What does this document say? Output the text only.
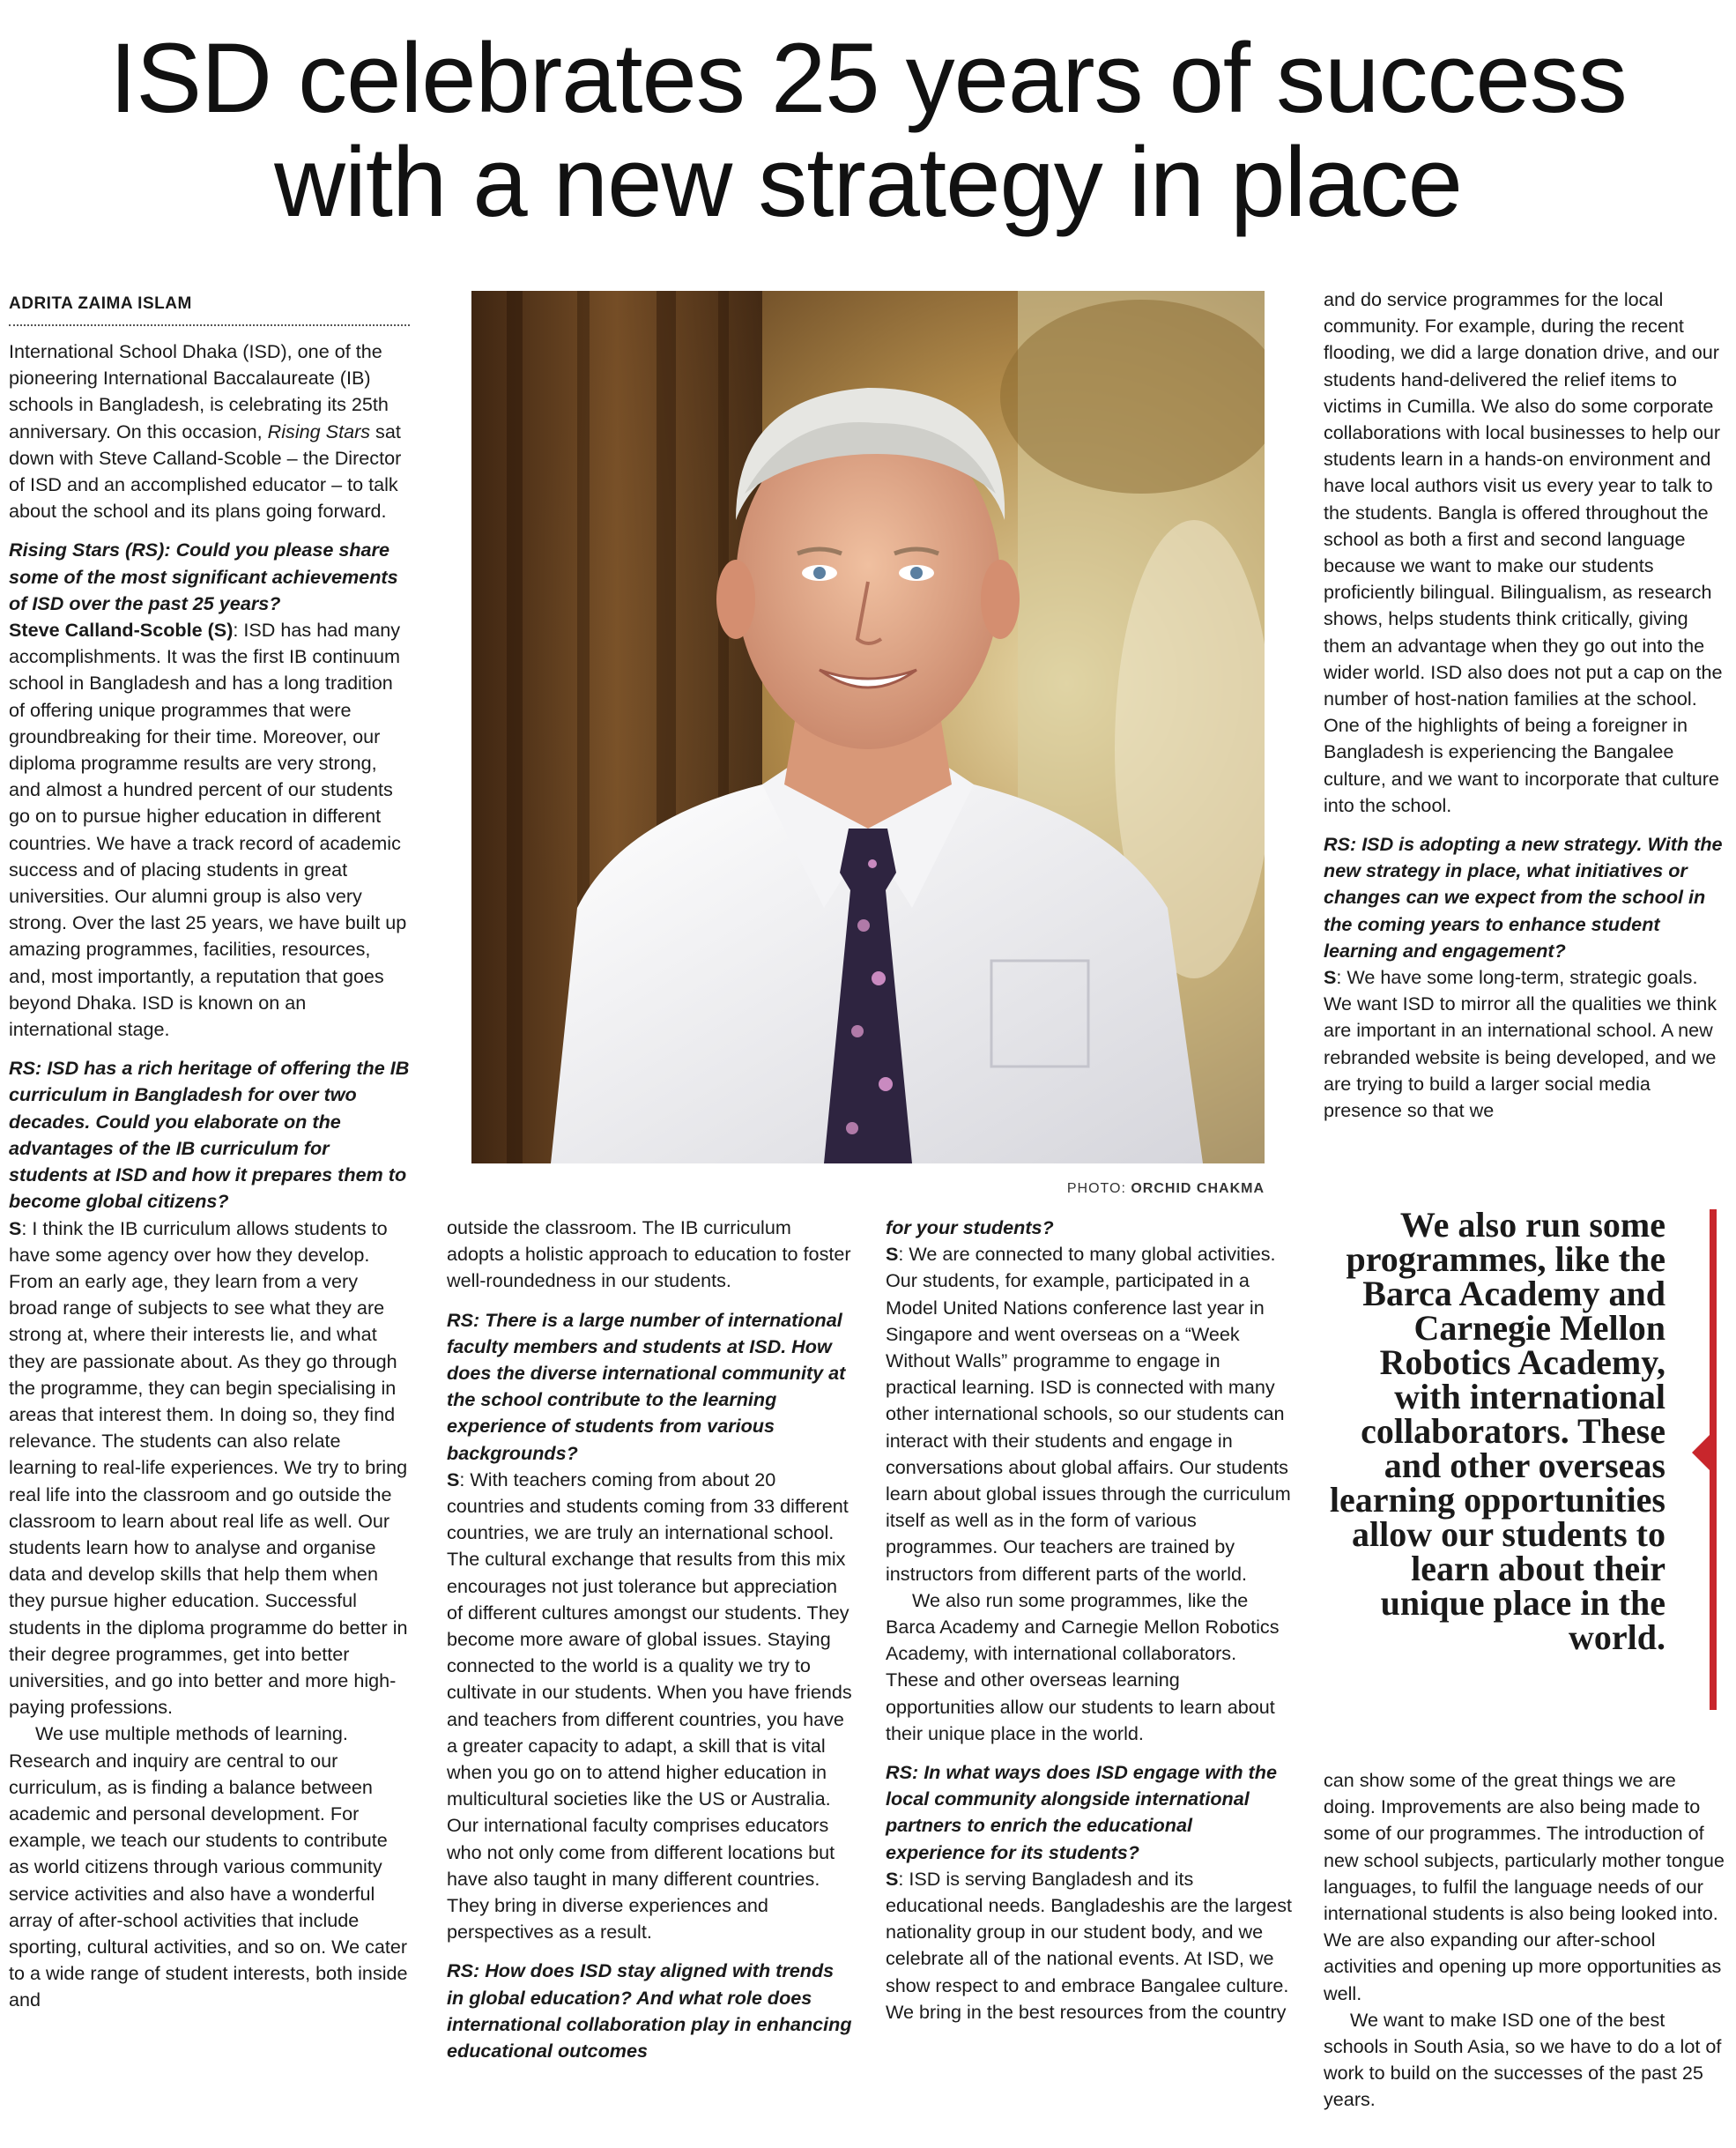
ISD celebrates 25 years of success
with a new strategy in place
ADRITA ZAIMA ISLAM

International School Dhaka (ISD), one of the pioneering International Baccalaureate (IB) schools in Bangladesh, is celebrating its 25th anniversary. On this occasion, Rising Stars sat down with Steve Calland-Scoble – the Director of ISD and an accomplished educator – to talk about the school and its plans going forward.

Rising Stars (RS): Could you please share some of the most significant achievements of ISD over the past 25 years?

Steve Calland-Scoble (S): ISD has had many accomplishments. It was the first IB continuum school in Bangladesh and has a long tradition of offering unique programmes that were groundbreaking for their time. Moreover, our diploma programme results are very strong, and almost a hundred percent of our students go on to pursue higher education in different countries. We have a track record of academic success and of placing students in great universities. Our alumni group is also very strong. Over the last 25 years, we have built up amazing programmes, facilities, resources, and, most importantly, a reputation that goes beyond Dhaka. ISD is known on an international stage.

RS: ISD has a rich heritage of offering the IB curriculum in Bangladesh for over two decades. Could you elaborate on the advantages of the IB curriculum for students at ISD and how it prepares them to become global citizens?

S: I think the IB curriculum allows students to have some agency over how they develop. From an early age, they learn from a very broad range of subjects to see what they are strong at, where their interests lie, and what they are passionate about. As they go through the programme, they can begin specialising in areas that interest them. In doing so, they find relevance. The students can also relate learning to real-life experiences. We try to bring real life into the classroom and go outside the classroom to learn about real life as well. Our students learn how to analyse and organise data and develop skills that help them when they pursue higher education. Successful students in the diploma programme do better in their degree programmes, get into better universities, and go into better and more high-paying professions.

We use multiple methods of learning. Research and inquiry are central to our curriculum, as is finding a balance between academic and personal development. For example, we teach our students to contribute as world citizens through various community service activities and also have a wonderful array of after-school activities that include sporting, cultural activities, and so on. We cater to a wide range of student interests, both inside and

PHOTO: ORCHID CHAKMA

outside the classroom. The IB curriculum adopts a holistic approach to education to foster well-roundedness in our students.

RS: There is a large number of international faculty members and students at ISD. How does the diverse international community at the school contribute to the learning experience of students from various backgrounds?

S: With teachers coming from about 20 countries and students coming from 33 different countries, we are truly an international school. The cultural exchange that results from this mix encourages not just tolerance but appreciation of different cultures amongst our students. They become more aware of global issues. Staying connected to the world is a quality we try to cultivate in our students. When you have friends and teachers from different countries, you have a greater capacity to adapt, a skill that is vital when you go on to attend higher education in multicultural societies like the US or Australia. Our international faculty comprises educators who not only come from different locations but have also taught in many different countries. They bring in diverse experiences and perspectives as a result.

RS: How does ISD stay aligned with trends in global education? And what role does international collaboration play in enhancing educational outcomes

for your students?

S: We are connected to many global activities. Our students, for example, participated in a Model United Nations conference last year in Singapore and went overseas on a “Week Without Walls” programme to engage in practical learning. ISD is connected with many other international schools, so our students can interact with their students and engage in conversations about global affairs. Our students learn about global issues through the curriculum itself as well as in the form of various programmes. Our teachers are trained by instructors from different parts of the world.

We also run some programmes, like the Barca Academy and Carnegie Mellon Robotics Academy, with international collaborators. These and other overseas learning opportunities allow our students to learn about their unique place in the world.

RS: In what ways does ISD engage with the local community alongside international partners to enrich the educational experience for its students?

S: ISD is serving Bangladesh and its educational needs. Bangladeshis are the largest nationality group in our student body, and we celebrate all of the national events. At ISD, we show respect to and embrace Bangalee culture. We bring in the best resources from the country

and do service programmes for the local community. For example, during the recent flooding, we did a large donation drive, and our students hand-delivered the relief items to victims in Cumilla. We also do some corporate collaborations with local businesses to help our students learn in a hands-on environment and have local authors visit us every year to talk to the students. Bangla is offered throughout the school as both a first and second language because we want to make our students proficiently bilingual. Bilingualism, as research shows, helps students think critically, giving them an advantage when they go out into the wider world. ISD also does not put a cap on the number of host-nation families at the school. One of the highlights of being a foreigner in Bangladesh is experiencing the Bangalee culture, and we want to incorporate that culture into the school.

RS: ISD is adopting a new strategy. With the new strategy in place, what initiatives or changes can we expect from the school in the coming years to enhance student learning and engagement?

S: We have some long-term, strategic goals. We want ISD to mirror all the qualities we think are important in an international school. A new rebranded website is being developed, and we are trying to build a larger social media presence so that we

We also run some programmes, like the Barca Academy and Carnegie Mellon Robotics Academy, with international collaborators. These and other overseas learning opportunities allow our students to learn about their unique place in the world.

can show some of the great things we are doing. Improvements are also being made to some of our programmes. The introduction of new school subjects, particularly mother tongue languages, to fulfil the language needs of our international students is also being looked into. We are also expanding our after-school activities and opening up more opportunities as well.

We want to make ISD one of the best schools in South Asia, so we have to do a lot of work to build on the successes of the past 25 years.
